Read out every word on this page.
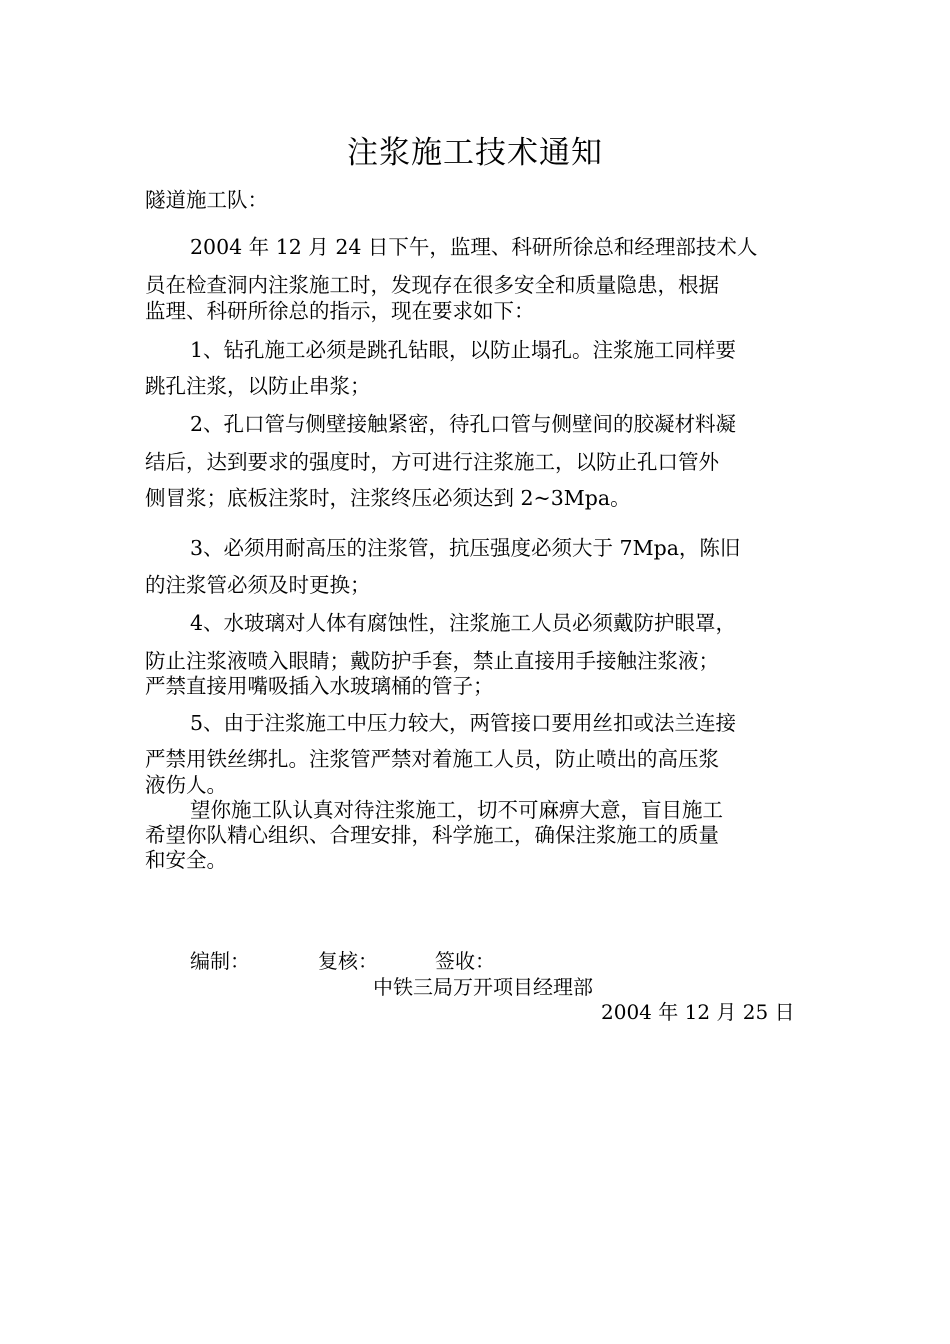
注浆施工技术通知
隧道施工队：
2004 年 12 月 24 日下午，监理、科研所徐总和经理部技术人
员在检查洞内注浆施工时，发现存在很多安全和质量隐患，根据
监理、科研所徐总的指示，现在要求如下：
1、钻孔施工必须是跳孔钻眼，以防止塌孔。注浆施工同样要
跳孔注浆，以防止串浆；
2、孔口管与侧壁接触紧密，待孔口管与侧壁间的胶凝材料凝
结后，达到要求的强度时，方可进行注浆施工，以防止孔口管外
侧冒浆；底板注浆时，注浆终压必须达到 2~3Mpa。
3、必须用耐高压的注浆管，抗压强度必须大于 7Mpa，陈旧
的注浆管必须及时更换；
4、水玻璃对人体有腐蚀性，注浆施工人员必须戴防护眼罩，
防止注浆液喷入眼睛；戴防护手套，禁止直接用手接触注浆液；
严禁直接用嘴吸插入水玻璃桶的管子；
5、由于注浆施工中压力较大，两管接口要用丝扣或法兰连接
严禁用铁丝绑扎。注浆管严禁对着施工人员，防止喷出的高压浆
液伤人。
望你施工队认真对待注浆施工，切不可麻痹大意，盲目施工
希望你队精心组织、合理安排，科学施工，确保注浆施工的质量
和安全。
编制：	复核：	签收：
中铁三局万开项目经理部
2004 年 12 月 25 日
